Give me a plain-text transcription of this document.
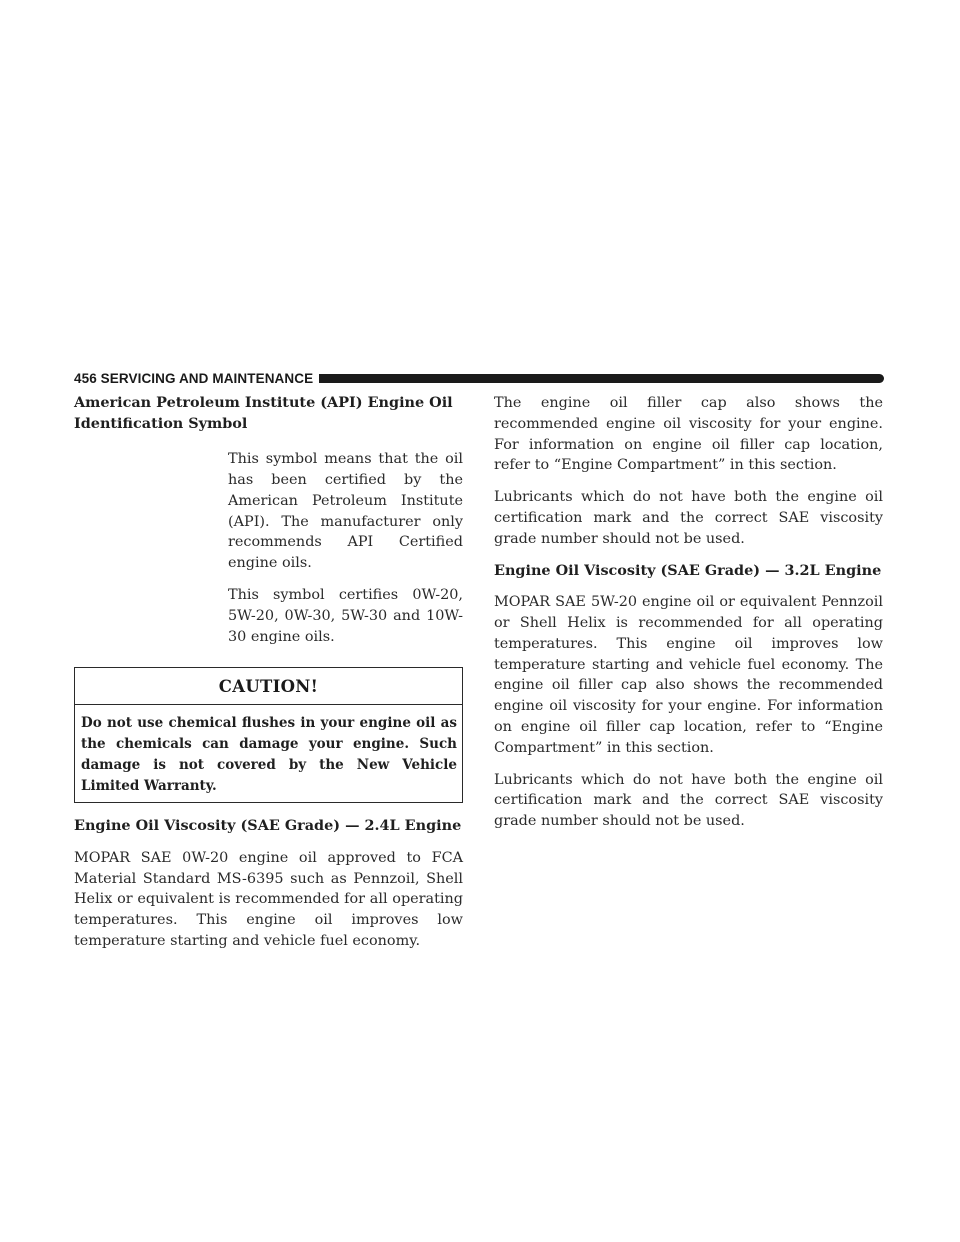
456 SERVICING AND MAINTENANCE
American Petroleum Institute (API) Engine Oil Identification Symbol

This symbol means that the oil has been certified by the American Petroleum Institute (API). The manufacturer only recommends API Certified engine oils.

This symbol certifies 0W-20, 5W-20, 0W-30, 5W-30 and 10W-30 engine oils.

CAUTION!
Do not use chemical flushes in your engine oil as the chemicals can damage your engine. Such damage is not covered by the New Vehicle Limited Warranty.
Engine Oil Viscosity (SAE Grade) — 2.4L Engine

MOPAR SAE 0W-20 engine oil approved to FCA Material Standard MS-6395 such as Pennzoil, Shell Helix or equivalent is recommended for all operating temperatures. This engine oil improves low temperature starting and vehicle fuel economy.

The engine oil filler cap also shows the recommended engine oil viscosity for your engine. For information on engine oil filler cap location, refer to “Engine Compartment” in this section.

Lubricants which do not have both the engine oil certification mark and the correct SAE viscosity grade number should not be used.

Engine Oil Viscosity (SAE Grade) — 3.2L Engine

MOPAR SAE 5W-20 engine oil or equivalent Pennzoil or Shell Helix is recommended for all operating temperatures. This engine oil improves low temperature starting and vehicle fuel economy. The engine oil filler cap also shows the recommended engine oil viscosity for your engine. For information on engine oil filler cap location, refer to “Engine Compartment” in this section.

Lubricants which do not have both the engine oil certification mark and the correct SAE viscosity grade number should not be used.
